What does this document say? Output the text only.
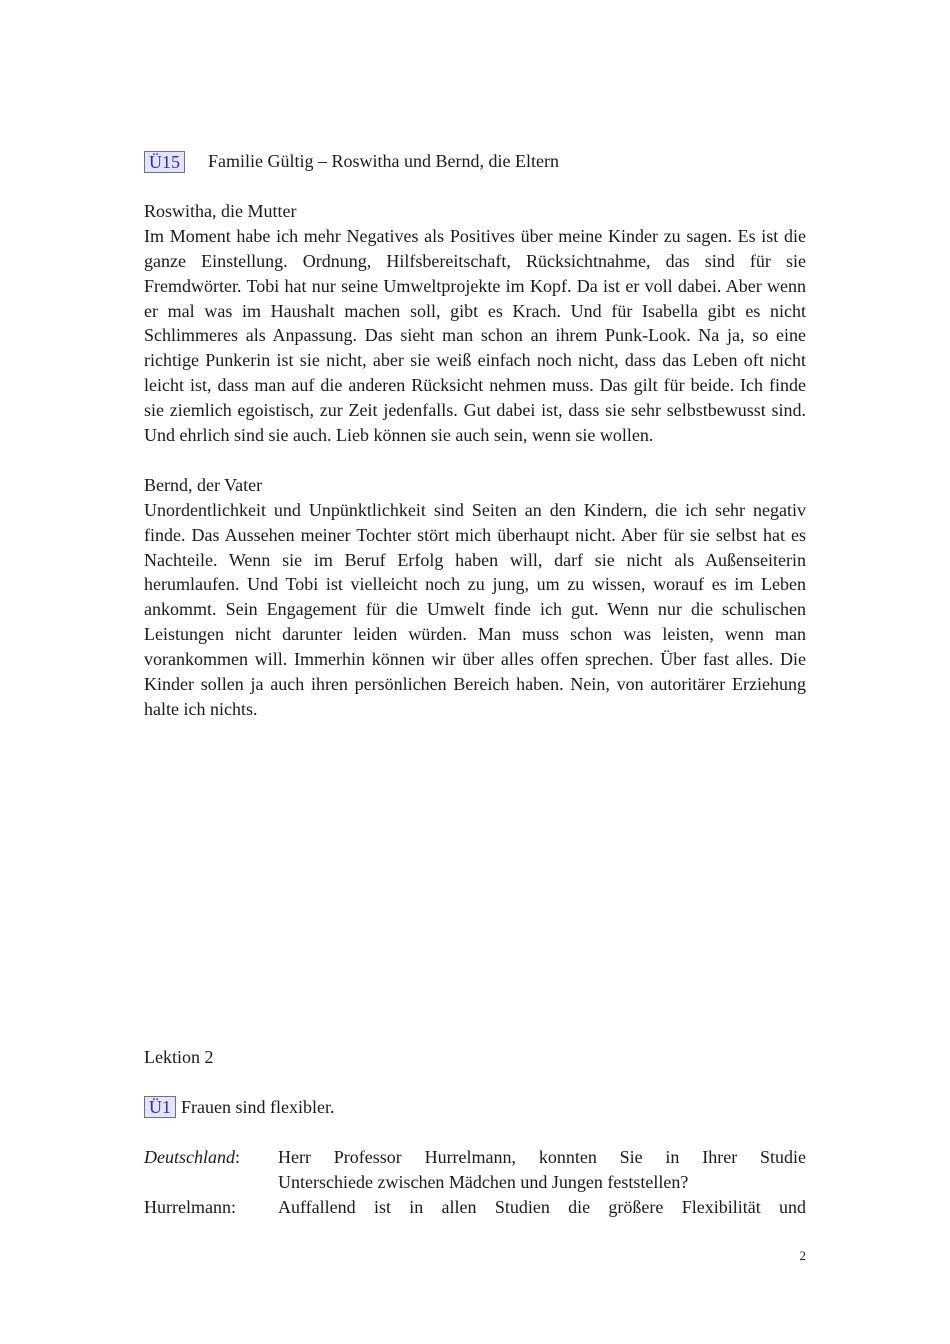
Ü15 Familie Gültig – Roswitha und Bernd, die Eltern

Roswitha, die Mutter

Im Moment habe ich mehr Negatives als Positives über meine Kinder zu sagen. Es ist die ganze Einstellung. Ordnung, Hilfsbereitschaft, Rücksichtnahme, das sind für sie Fremdwörter. Tobi hat nur seine Umweltprojekte im Kopf. Da ist er voll dabei. Aber wenn er mal was im Haushalt machen soll, gibt es Krach. Und für Isabella gibt es nicht Schlimmeres als Anpassung. Das sieht man schon an ihrem Punk-Look. Na ja, so eine richtige Punkerin ist sie nicht, aber sie weiß einfach noch nicht, dass das Leben oft nicht leicht ist, dass man auf die anderen Rücksicht nehmen muss. Das gilt für beide. Ich finde sie ziemlich egoistisch, zur Zeit jedenfalls. Gut dabei ist, dass sie sehr selbstbewusst sind. Und ehrlich sind sie auch. Lieb können sie auch sein, wenn sie wollen.

Bernd, der Vater

Unordentlichkeit und Unpünktlichkeit sind Seiten an den Kindern, die ich sehr negativ finde. Das Aussehen meiner Tochter stört mich überhaupt nicht. Aber für sie selbst hat es Nachteile. Wenn sie im Beruf Erfolg haben will, darf sie nicht als Außenseiterin herumlaufen. Und Tobi ist vielleicht noch zu jung, um zu wissen, worauf es im Leben ankommt. Sein Engagement für die Umwelt finde ich gut. Wenn nur die schulischen Leistungen nicht darunter leiden würden. Man muss schon was leisten, wenn man vorankommen will. Immerhin können wir über alles offen sprechen. Über fast alles. Die Kinder sollen ja auch ihren persönlichen Bereich haben. Nein, von autoritärer Erziehung halte ich nichts.

Lektion 2
Ü1 Frauen sind flexibler.
Deutschland:	Herr Professor Hurrelmann, konnten Sie in Ihrer Studie
Unterschiede zwischen Mädchen und Jungen feststellen?
Hurrelmann:	Auffallend ist in allen Studien die größere Flexibilität und
2
